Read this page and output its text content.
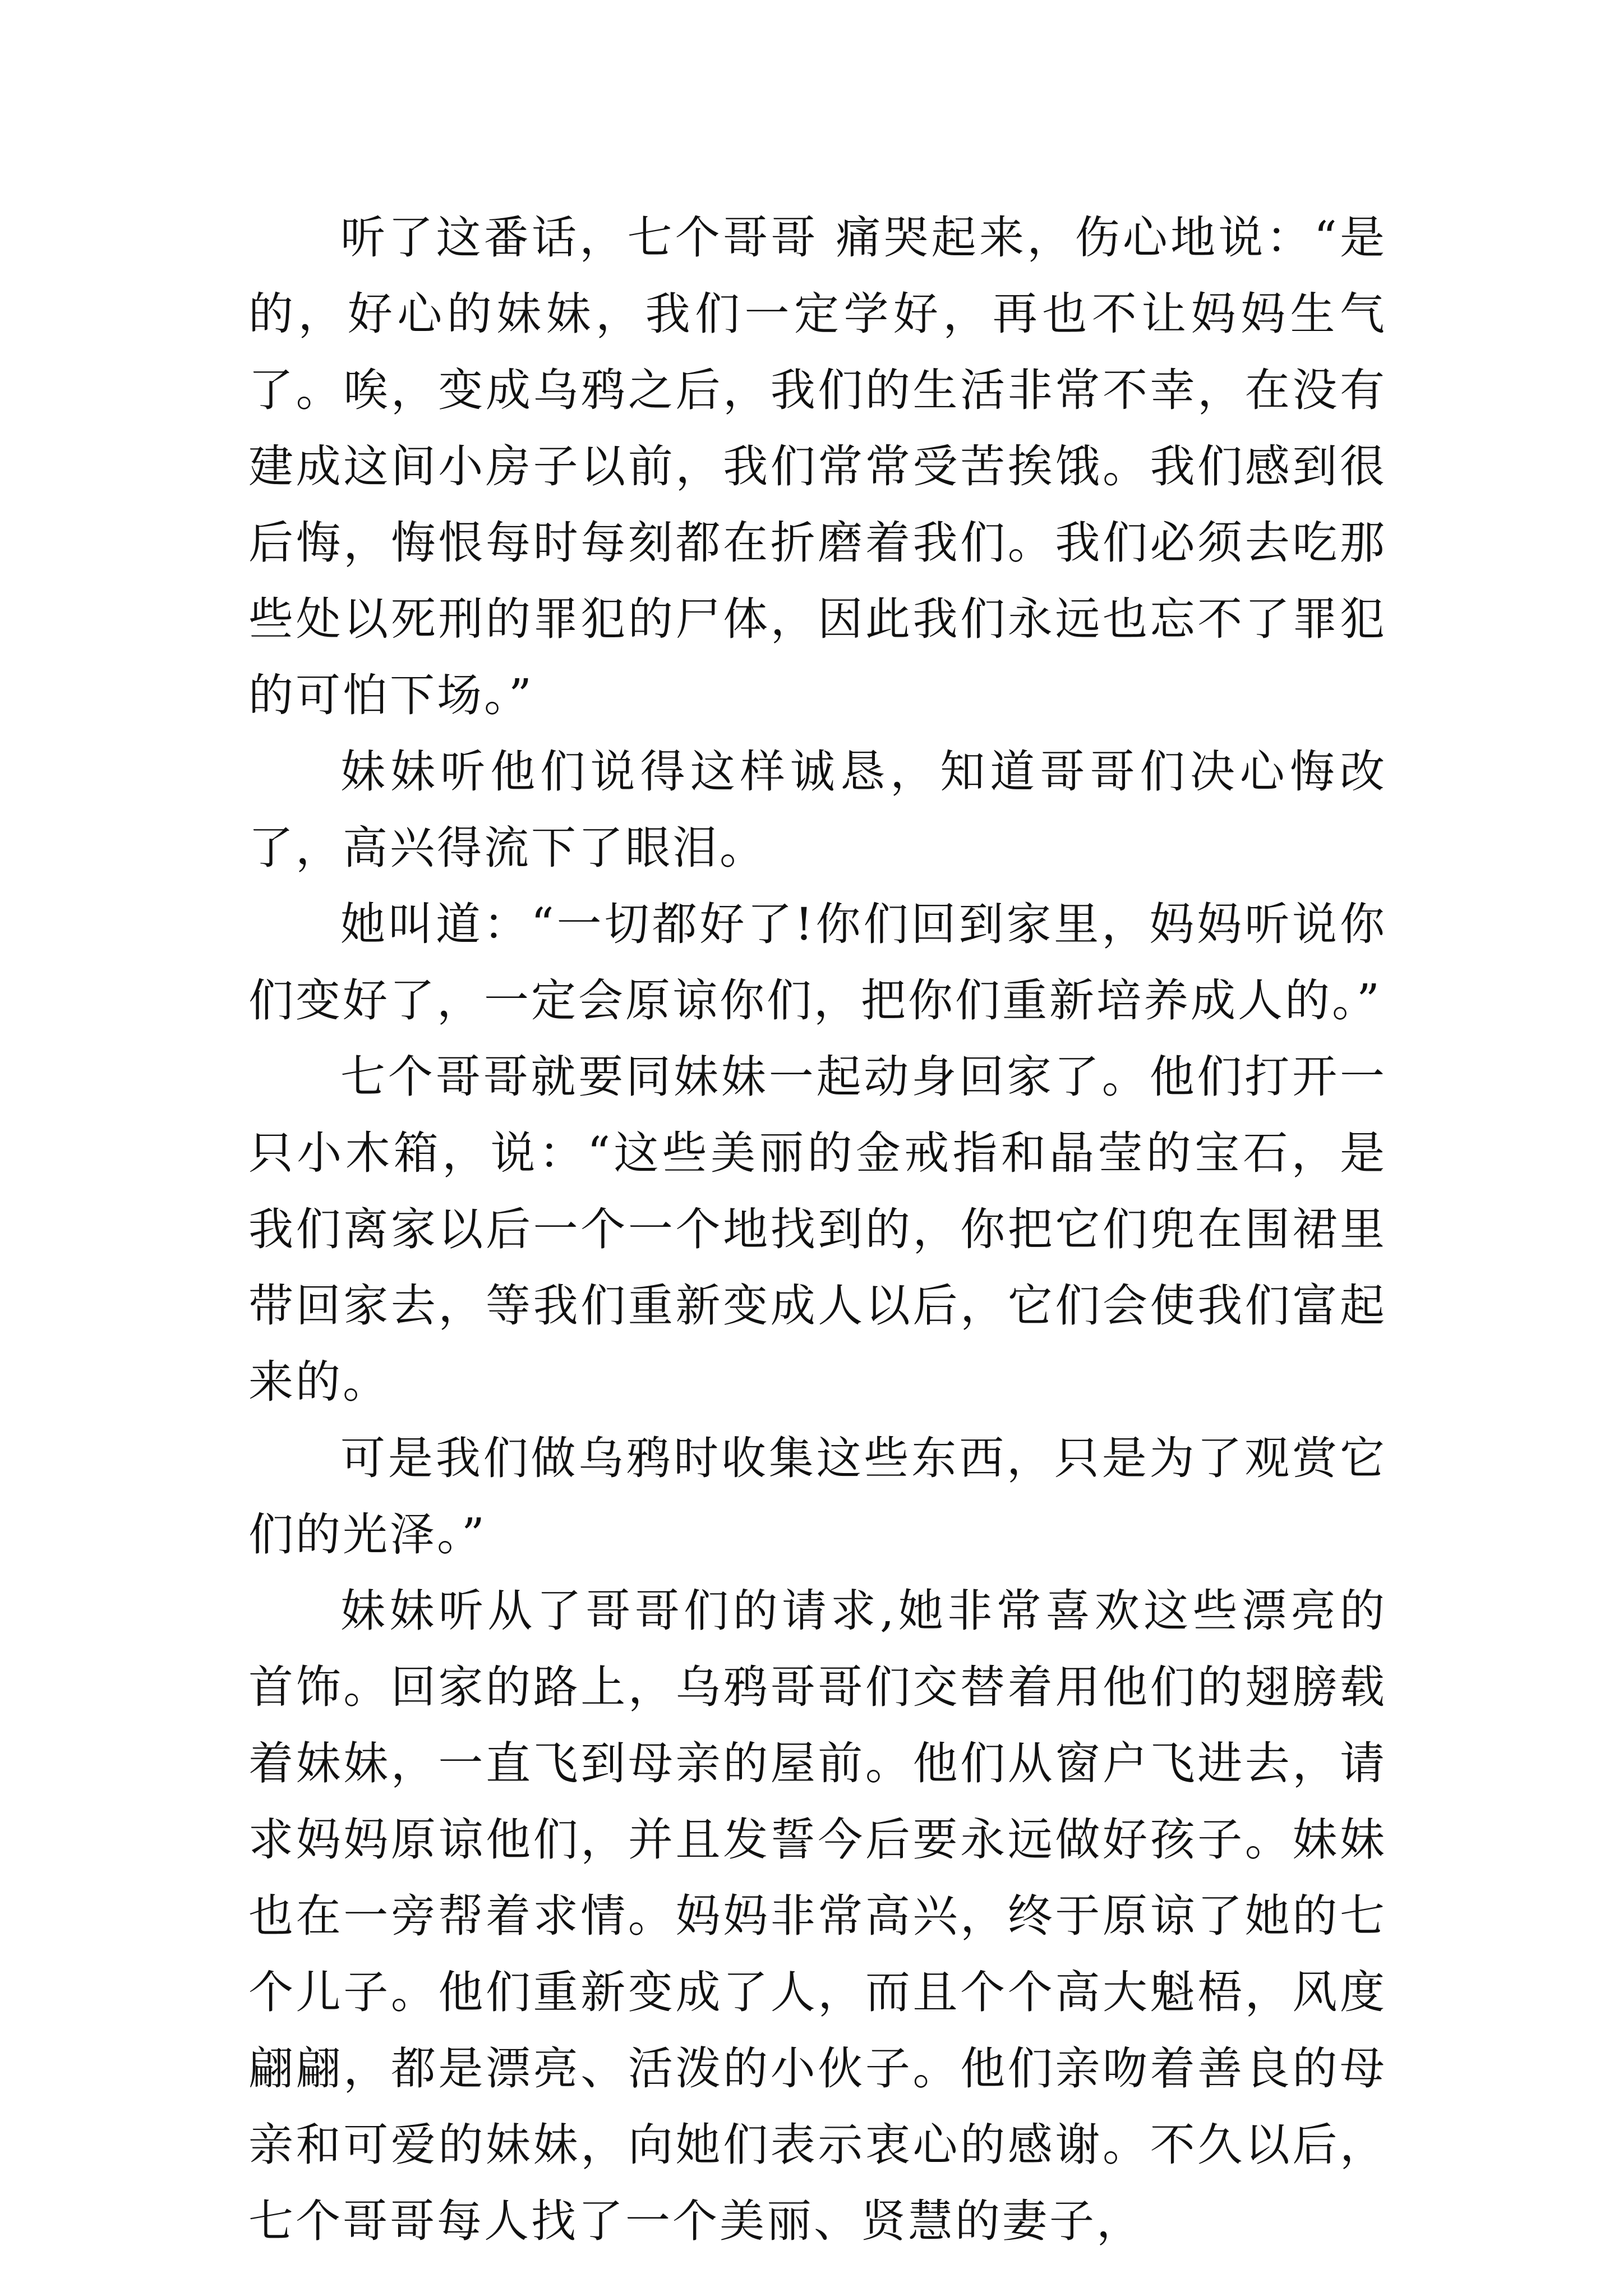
听了这番话，七个哥哥 痛哭起来，伤心地说：“是的，好心的妹妹，我们一定学好，再也不让妈妈生气了。唉，变成乌鸦之后，我们的生活非常不幸，在没有建成这间小房子以前，我们常常受苦挨饿。我们感到很后悔，悔恨每时每刻都在折磨着我们。我们必须去吃那些处以死刑的罪犯的尸体，因此我们永远也忘不了罪犯的可怕下场。”

妹妹听他们说得这样诚恳，知道哥哥们决心悔改了，高兴得流下了眼泪。

她叫道：“一切都好了!你们回到家里，妈妈听说你们变好了，一定会原谅你们，把你们重新培养成人的。”

七个哥哥就要同妹妹一起动身回家了。他们打开一只小木箱，说：“这些美丽的金戒指和晶莹的宝石，是我们离家以后一个一个地找到的，你把它们兜在围裙里带回家去，等我们重新变成人以后，它们会使我们富起来的。

可是我们做乌鸦时收集这些东西，只是为了观赏它们的光泽。”

妹妹听从了哥哥们的请求,她非常喜欢这些漂亮的首饰。回家的路上，乌鸦哥哥们交替着用他们的翅膀载着妹妹，一直飞到母亲的屋前。他们从窗户飞进去，请求妈妈原谅他们，并且发誓今后要永远做好孩子。妹妹也在一旁帮着求情。妈妈非常高兴，终于原谅了她的七个儿子。他们重新变成了人，而且个个高大魁梧，风度翩翩，都是漂亮、活泼的小伙子。他们亲吻着善良的母亲和可爱的妹妹，向她们表示衷心的感谢。不久以后，七个哥哥每人找了一个美丽、贤慧的妻子，
